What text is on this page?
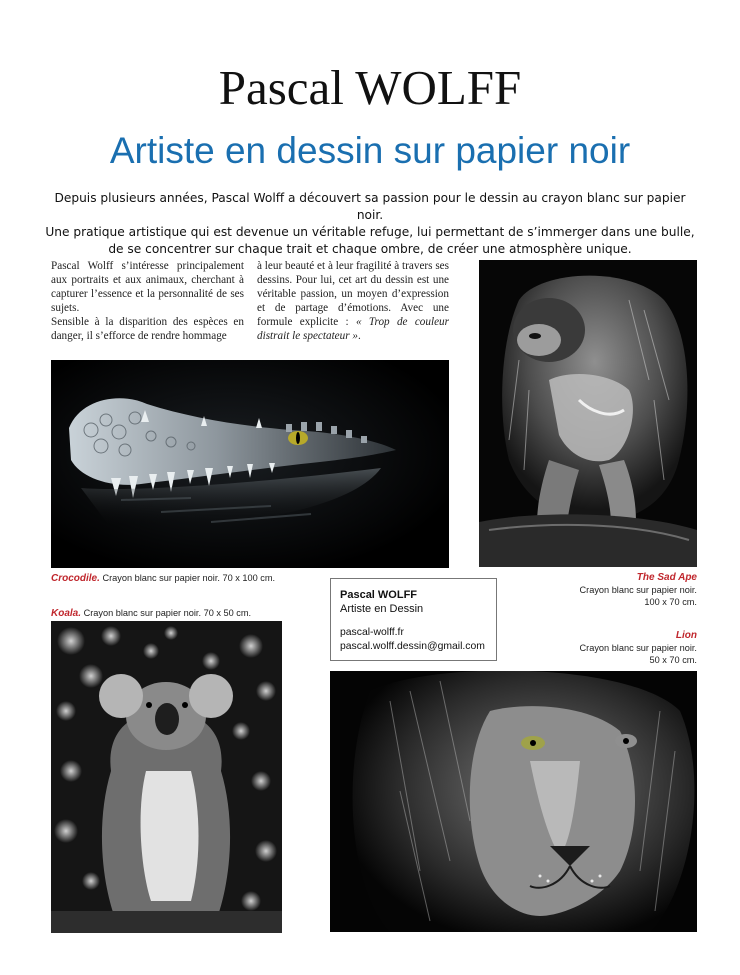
Pascal WOLFF
Artiste en dessin sur papier noir
Depuis plusieurs années, Pascal Wolff a découvert sa passion pour le dessin au crayon blanc sur papier noir.
Une pratique artistique qui est devenue un véritable refuge, lui permettant de s’immerger dans une bulle,
de se concentrer sur chaque trait et chaque ombre, de créer une atmosphère unique.

Pascal Wolff s’intéresse principalement aux portraits et aux animaux, cherchant à capturer l’essence et la personnalité de ses sujets.

Sensible à la disparition des espèces en danger, il s’efforce de rendre hommage

à leur beauté et à leur fragilité à travers ses dessins. Pour lui, cet art du dessin est une véritable passion, un moyen d’expression et de partage d’émotions. Avec une formule explicite : « Trop de couleur distrait le spectateur ».

Crocodile. Crayon blanc sur papier noir. 70 x 100 cm.
Koala. Crayon blanc sur papier noir. 70 x 50 cm.
The Sad Ape
Crayon blanc sur papier noir.
100 x 70 cm.
Lion
Crayon blanc sur papier noir.
50 x 70 cm.
Pascal WOLFF
Artiste en Dessin
pascal-wolff.fr
pascal.wolff.dessin@gmail.com
